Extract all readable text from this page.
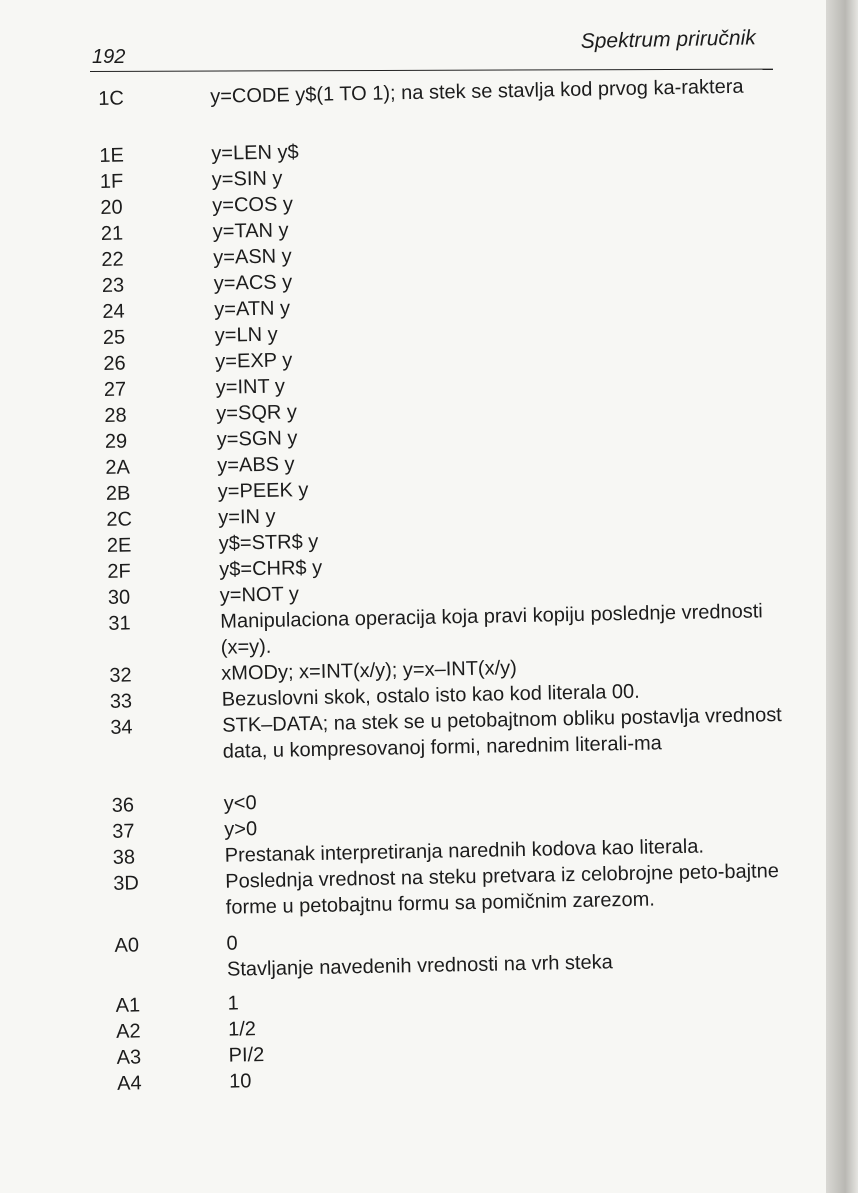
192
Spektrum priručnik
1C	y=CODE y$(1 TO 1); na stek se stavlja kod prvog ka-raktera
1E	y=LEN y$
1F	y=SIN y
20	y=COS y
21	y=TAN y
22	y=ASN y
23	y=ACS y
24	y=ATN y
25	y=LN y
26	y=EXP y
27	y=INT y
28	y=SQR y
29	y=SGN y
2A	y=ABS y
2B	y=PEEK y
2C	y=IN y
2E	y$=STR$ y
2F	y$=CHR$ y
30	y=NOT y
31	Manipulaciona operacija koja pravi kopiju poslednje vrednosti (x=y).
32	xMODy; x=INT(x/y); y=x–INT(x/y)
33	Bezuslovni skok, ostalo isto kao kod literala 00.
34	STK–DATA; na stek se u petobajtnom obliku postavlja vrednost data, u kompresovanoj formi, narednim literali-ma
36	y<0
37	y>0
38	Prestanak interpretiranja narednih kodova kao literala.
3D	Poslednja vrednost na steku pretvara iz celobrojne peto-bajtne forme u petobajtnu formu sa pomičnim zarezom.
A0	0
Stavljanje navedenih vrednosti na vrh steka
A1	1
A2	1/2
A3	PI/2
A4	10
